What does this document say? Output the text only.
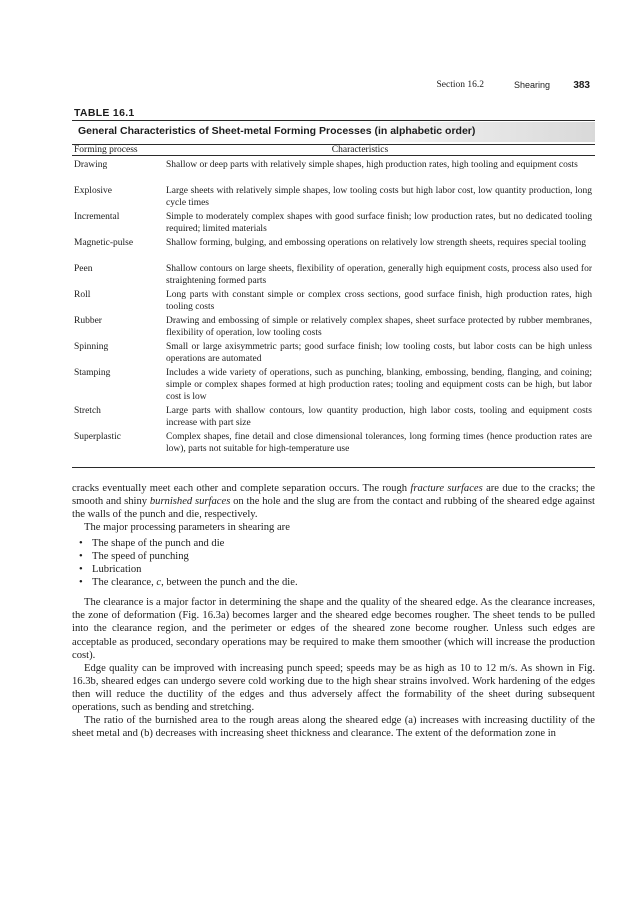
Section 16.2	Shearing 383
TABLE 16.1
General Characteristics of Sheet-metal Forming Processes (in alphabetic order)
Forming process	Characteristics
Drawing	Shallow or deep parts with relatively simple shapes, high production rates, high tooling and equipment costs
Explosive	Large sheets with relatively simple shapes, low tooling costs but high labor cost, low quantity production, long cycle times
Incremental	Simple to moderately complex shapes with good surface finish; low production rates, but no dedicated tooling required; limited materials
Magnetic-pulse	Shallow forming, bulging, and embossing operations on relatively low strength sheets, requires special tooling
Peen	Shallow contours on large sheets, flexibility of operation, generally high equipment costs, process also used for straightening formed parts
Roll	Long parts with constant simple or complex cross sections, good surface finish, high production rates, high tooling costs
Rubber	Drawing and embossing of simple or relatively complex shapes, sheet surface protected by rubber membranes, flexibility of operation, low tooling costs
Spinning	Small or large axisymmetric parts; good surface finish; low tooling costs, but labor costs can be high unless operations are automated
Stamping	Includes a wide variety of operations, such as punching, blanking, embossing, bending, flanging, and coining; simple or complex shapes formed at high production rates; tooling and equipment costs can be high, but labor cost is low
Stretch	Large parts with shallow contours, low quantity production, high labor costs, tooling and equipment costs increase with part size
Superplastic	Complex shapes, fine detail and close dimensional tolerances, long forming times (hence production rates are low), parts not suitable for high-temperature use

cracks eventually meet each other and complete separation occurs. The rough fracture surfaces are due to the cracks; the smooth and shiny burnished surfaces on the hole and the slug are from the contact and rubbing of the sheared edge against the walls of the punch and die, respectively.

The major processing parameters in shearing are

• The shape of the punch and die
• The speed of punching
• Lubrication
• The clearance, c, between the punch and the die.

The clearance is a major factor in determining the shape and the quality of the sheared edge. As the clearance increases, the zone of deformation (Fig. 16.3a) becomes larger and the sheared edge becomes rougher. The sheet tends to be pulled into the clearance region, and the perimeter or edges of the sheared zone become rougher. Unless such edges are acceptable as produced, secondary operations may be required to make them smoother (which will increase the production cost).

Edge quality can be improved with increasing punch speed; speeds may be as high as 10 to 12 m/s. As shown in Fig. 16.3b, sheared edges can undergo severe cold working due to the high shear strains involved. Work hardening of the edges then will reduce the ductility of the edges and thus adversely affect the formability of the sheet during subsequent operations, such as bending and stretching.

The ratio of the burnished area to the rough areas along the sheared edge (a) increases with increasing ductility of the sheet metal and (b) decreases with increasing sheet thickness and clearance. The extent of the deformation zone in
